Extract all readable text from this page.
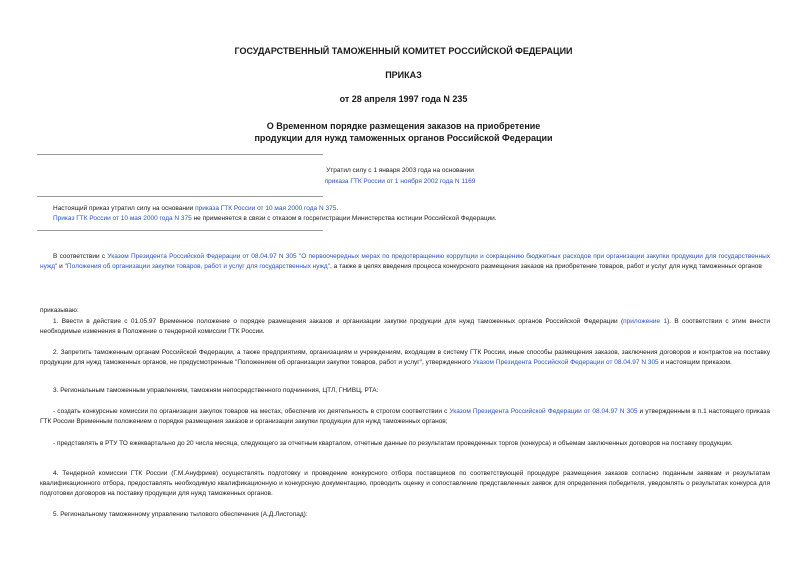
ГОСУДАРСТВЕННЫЙ ТАМОЖЕННЫЙ КОМИТЕТ РОССИЙСКОЙ ФЕДЕРАЦИИ
ПРИКАЗ
от 28 апреля 1997 года N 235
О Временном порядке размещения заказов на приобретение
продукции для нужд таможенных органов Российской Федерации
Утратил силу с 1 января 2003 года на основании
приказа ГТК России от 1 ноября 2002 года N 1169
Настоящий приказ утратил силу на основании приказа ГТК России от 10 мая 2000 года N 375.
Приказ ГТК России от 10 мая 2000 года N 375 не применяется в связи с отказом в госрегистрации Министерства юстиции Российской Федерации.
В соответствии с Указом Президента Российской Федерации от 08.04.97 N 305 "О первоочередных мерах по предотвращению коррупции и сокращению бюджетных расходов при организации закупки продукции для государственных нужд" и "Положения об организации закупки товаров, работ и услуг для государственных нужд", а также в целях введения процесса конкурсного размещения заказов на приобретение товаров, работ и услуг для нужд таможенных органов
приказываю:
1. Ввести в действие с 01.05.97 Временное положение о порядке размещения заказов и организации закупки продукции для нужд таможенных органов Российской Федерации (приложение 1). В соответствии с этим внести необходимые изменения в Положение о тендерной комиссии ГТК России.
2. Запретить таможенным органам Российской Федерации, а также предприятиям, организациям и учреждениям, входящим в систему ГТК России, иные способы размещения заказов, заключения договоров и контрактов на поставку продукции для нужд таможенных органов, не предусмотренные "Положением об организации закупки товаров, работ и услуг", утвержденного Указом Президента Российской Федерации от 08.04.97 N 305 и настоящим приказом.
3. Региональным таможенным управлениям, таможням непосредственного подчинения, ЦТЛ, ГНИВЦ, РТА:
- создать конкурсные комиссии по организации закупок товаров на местах, обеспечив их деятельность в строгом соответствии с Указом Президента Российской Федерации от 08.04.97 N 305 и утвержденным в п.1 настоящего приказа ГТК России Временным положением о порядке размещения заказов и организации закупки продукции для нужд таможенных органов;
- представлять в РТУ ТО ежеквартально до 20 числа месяца, следующего за отчетным кварталом, отчетные данные по результатам проведенных торгов (конкурса) и объемам заключенных договоров на поставку продукции.
4. Тендерной комиссии ГТК России (Г.М.Ануфриев) осуществлять подготовку и проведение конкурсного отбора поставщиков по соответствующей процедуре размещения заказов согласно поданным заявкам и результатам квалификационного отбора, предоставлять необходимую квалификационную и конкурсную документацию, проводить оценку и сопоставление представленных заявок для определения победителя, уведомлять о результатах конкурса для подготовки договоров на поставку продукции для нужд таможенных органов.
5. Региональному таможенному управлению тылового обеспечения (А.Д.Листопад):
